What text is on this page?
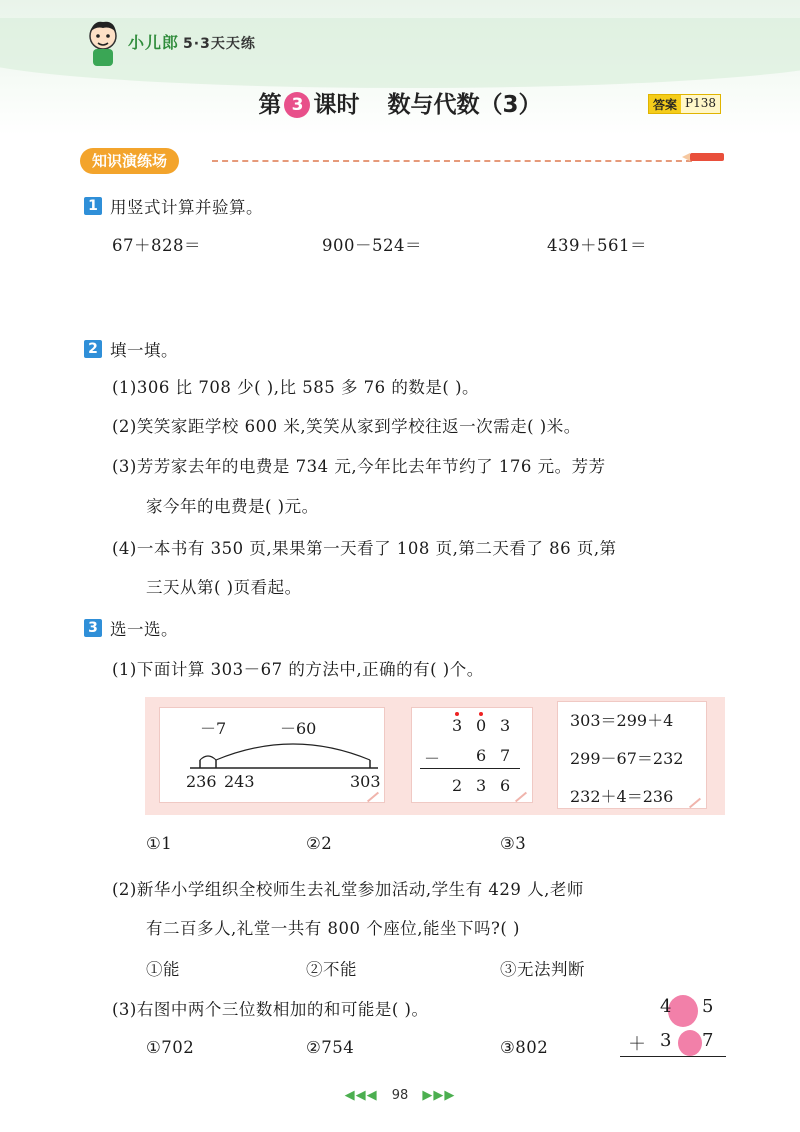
小儿郎 5·3天天练
第 3 课时 数与代数（3）	答案 P138
知识演练场
1 用竖式计算并验算。
67＋828＝	900－524＝	439＋561＝
2 填一填。
(1)306 比 708 少( ),比 585 多 76 的数是( )。
(2)笑笑家距学校 600 米,笑笑从家到学校往返一次需走( )米。
(3)芳芳家去年的电费是 734 元,今年比去年节约了 176 元。芳芳
家今年的电费是( )元。
(4)一本书有 350 页,果果第一天看了 108 页,第二天看了 86 页,第
三天从第( )页看起。
3 选一选。
(1)下面计算 303－67 的方法中,正确的有( )个。
－7	－60
236 243	303
3 0 3
－ 6 7
2 3 6
303＝299＋4
299－67＝232
232＋4＝236
①1	②2	③3
(2)新华小学组织全校师生去礼堂参加活动,学生有 429 人,老师
有二百多人,礼堂一共有 800 个座位,能坐下吗?( )
①能	②不能	③无法判断
(3)右图中两个三位数相加的和可能是( )。
①702	②754	③802
4 5
＋ 3 7
◀◀◀ 98 ▶▶▶
